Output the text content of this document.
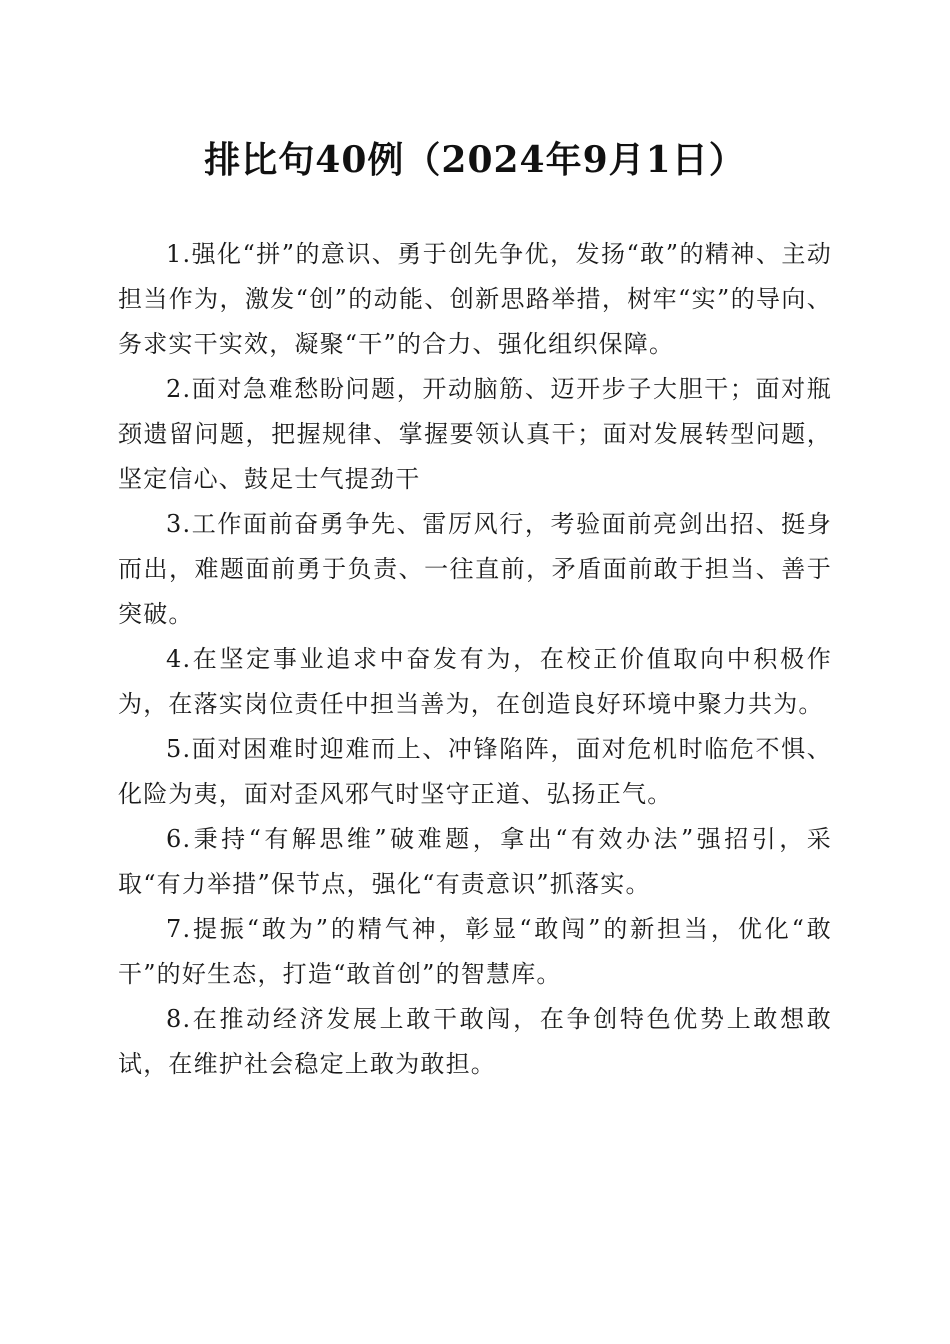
排比句40例（2024年9月1日）

1.强化“拼”的意识、勇于创先争优，发扬“敢”的精神、主动担当作为，激发“创”的动能、创新思路举措，树牢“实”的导向、务求实干实效，凝聚“干”的合力、强化组织保障。

2.面对急难愁盼问题，开动脑筋、迈开步子大胆干；面对瓶颈遗留问题，把握规律、掌握要领认真干；面对发展转型问题，坚定信心、鼓足士气提劲干

3.工作面前奋勇争先、雷厉风行，考验面前亮剑出招、挺身而出，难题面前勇于负责、一往直前，矛盾面前敢于担当、善于突破。

4.在坚定事业追求中奋发有为，在校正价值取向中积极作为，在落实岗位责任中担当善为，在创造良好环境中聚力共为。

5.面对困难时迎难而上、冲锋陷阵，面对危机时临危不惧、化险为夷，面对歪风邪气时坚守正道、弘扬正气。

6.秉持“有解思维”破难题，拿出“有效办法”强招引，采取“有力举措”保节点，强化“有责意识”抓落实。

7.提振“敢为”的精气神，彰显“敢闯”的新担当，优化“敢干”的好生态，打造“敢首创”的智慧库。

8.在推动经济发展上敢干敢闯，在争创特色优势上敢想敢试，在维护社会稳定上敢为敢担。
